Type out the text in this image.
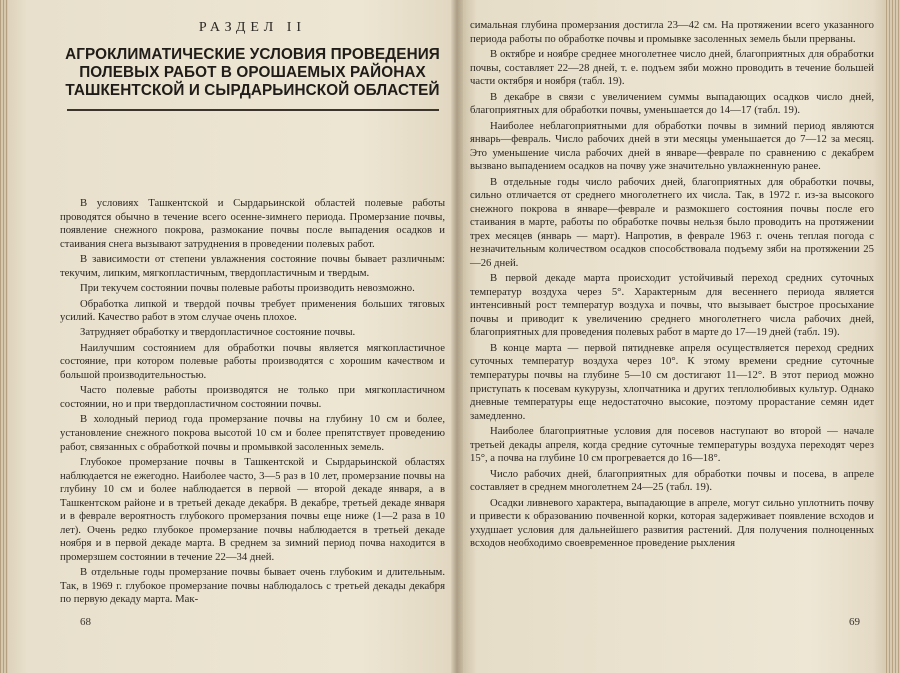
РАЗДЕЛ II
АГРОКЛИМАТИЧЕСКИЕ УСЛОВИЯ ПРОВЕДЕНИЯ
ПОЛЕВЫХ РАБОТ В ОРОШАЕМЫХ РАЙОНАХ
ТАШКЕНТСКОЙ И СЫРДАРЬИНСКОЙ ОБЛАСТЕЙ

В условиях Ташкентской и Сырдарьинской областей полевые работы проводятся обычно в течение всего осенне-зимнего периода. Промерзание почвы, появление снежного покрова, размокание почвы после выпадения осадков и стаивания снега вызывают затруднения в проведении полевых работ.

В зависимости от степени увлажнения состояние почвы бывает различным: текучим, липким, мягкопластичным, твердопластичным и твердым.

При текучем состоянии почвы полевые работы производить невозможно.

Обработка липкой и твердой почвы требует применения больших тяговых усилий. Качество работ в этом случае очень плохое.

Затрудняет обработку и твердопластичное состояние почвы.

Наилучшим состоянием для обработки почвы является мягкопластичное состояние, при котором полевые работы производятся с хорошим качеством и большой производительностью.

Часто полевые работы производятся не только при мягкопластичном состоянии, но и при твердопластичном состоянии почвы.

В холодный период года промерзание почвы на глубину 10 см и более, установление снежного покрова высотой 10 см и более препятствует проведению работ, связанных с обработкой почвы и промывкой засоленных земель.

Глубокое промерзание почвы в Ташкентской и Сырдарьинской областях наблюдается не ежегодно. Наиболее часто, 3—5 раз в 10 лет, промерзание почвы на глубину 10 см и более наблюдается в первой — второй декаде января, а в Ташкентском районе и в третьей декаде декабря. В декабре, третьей декаде января и в феврале вероятность глубокого промерзания почвы еще ниже (1—2 раза в 10 лет). Очень редко глубокое промерзание почвы наблюдается в третьей декаде ноября и в первой декаде марта. В среднем за зимний период почва находится в промерзшем состоянии в течение 22—34 дней.

В отдельные годы промерзание почвы бывает очень глубоким и длительным. Так, в 1969 г. глубокое промерзание почвы наблюдалось с третьей декады декабря по первую декаду марта. Мак-

68

симальная глубина промерзания достигла 23—42 см. На протяжении всего указанного периода работы по обработке почвы и промывке засоленных земель были прерваны.

В октябре и ноябре среднее многолетнее число дней, благоприятных для обработки почвы, составляет 22—28 дней, т. е. подъем зяби можно проводить в течение большей части октября и ноября (табл. 19).

В декабре в связи с увеличением суммы выпадающих осадков число дней, благоприятных для обработки почвы, уменьшается до 14—17 (табл. 19).

Наиболее неблагоприятными для обработки почвы в зимний период являются январь—февраль. Число рабочих дней в эти месяцы уменьшается до 7—12 за месяц. Это уменьшение числа рабочих дней в январе—феврале по сравнению с декабрем вызвано выпадением осадков на почву уже значительно увлажненную ранее.

В отдельные годы число рабочих дней, благоприятных для обработки почвы, сильно отличается от среднего многолетнего их числа. Так, в 1972 г. из-за высокого снежного покрова в январе—феврале и размокшего состояния почвы после его стаивания в марте, работы по обработке почвы нельзя было проводить на протяжении трех месяцев (январь — март). Напротив, в феврале 1963 г. очень теплая погода с незначительным количеством осадков способствовала подъему зяби на протяжении 25—26 дней.

В первой декаде марта происходит устойчивый переход средних суточных температур воздуха через 5°. Характерным для весеннего периода является интенсивный рост температур воздуха и почвы, что вызывает быстрое просыхание почвы и приводит к увеличению среднего многолетнего числа рабочих дней, благоприятных для проведения полевых работ в марте до 17—19 дней (табл. 19).

В конце марта — первой пятидневке апреля осуществляется переход средних суточных температур воздуха через 10°. К этому времени средние суточные температуры почвы на глубине 5—10 см достигают 11—12°. В этот период можно приступать к посевам кукурузы, хлопчатника и других теплолюбивых культур. Однако дневные температуры еще недостаточно высокие, поэтому прорастание семян идет замедленно.

Наиболее благоприятные условия для посевов наступают во второй — начале третьей декады апреля, когда средние суточные температуры воздуха переходят через 15°, а почва на глубине 10 см прогревается до 16—18°.

Число рабочих дней, благоприятных для обработки почвы и посева, в апреле составляет в среднем многолетнем 24—25 (табл. 19).

Осадки ливневого характера, выпадающие в апреле, могут сильно уплотнить почву и привести к образованию почвенной корки, которая задерживает появление всходов и ухудшает условия для дальнейшего развития растений. Для получения полноценных всходов необходимо своевременное проведение рыхления

69
